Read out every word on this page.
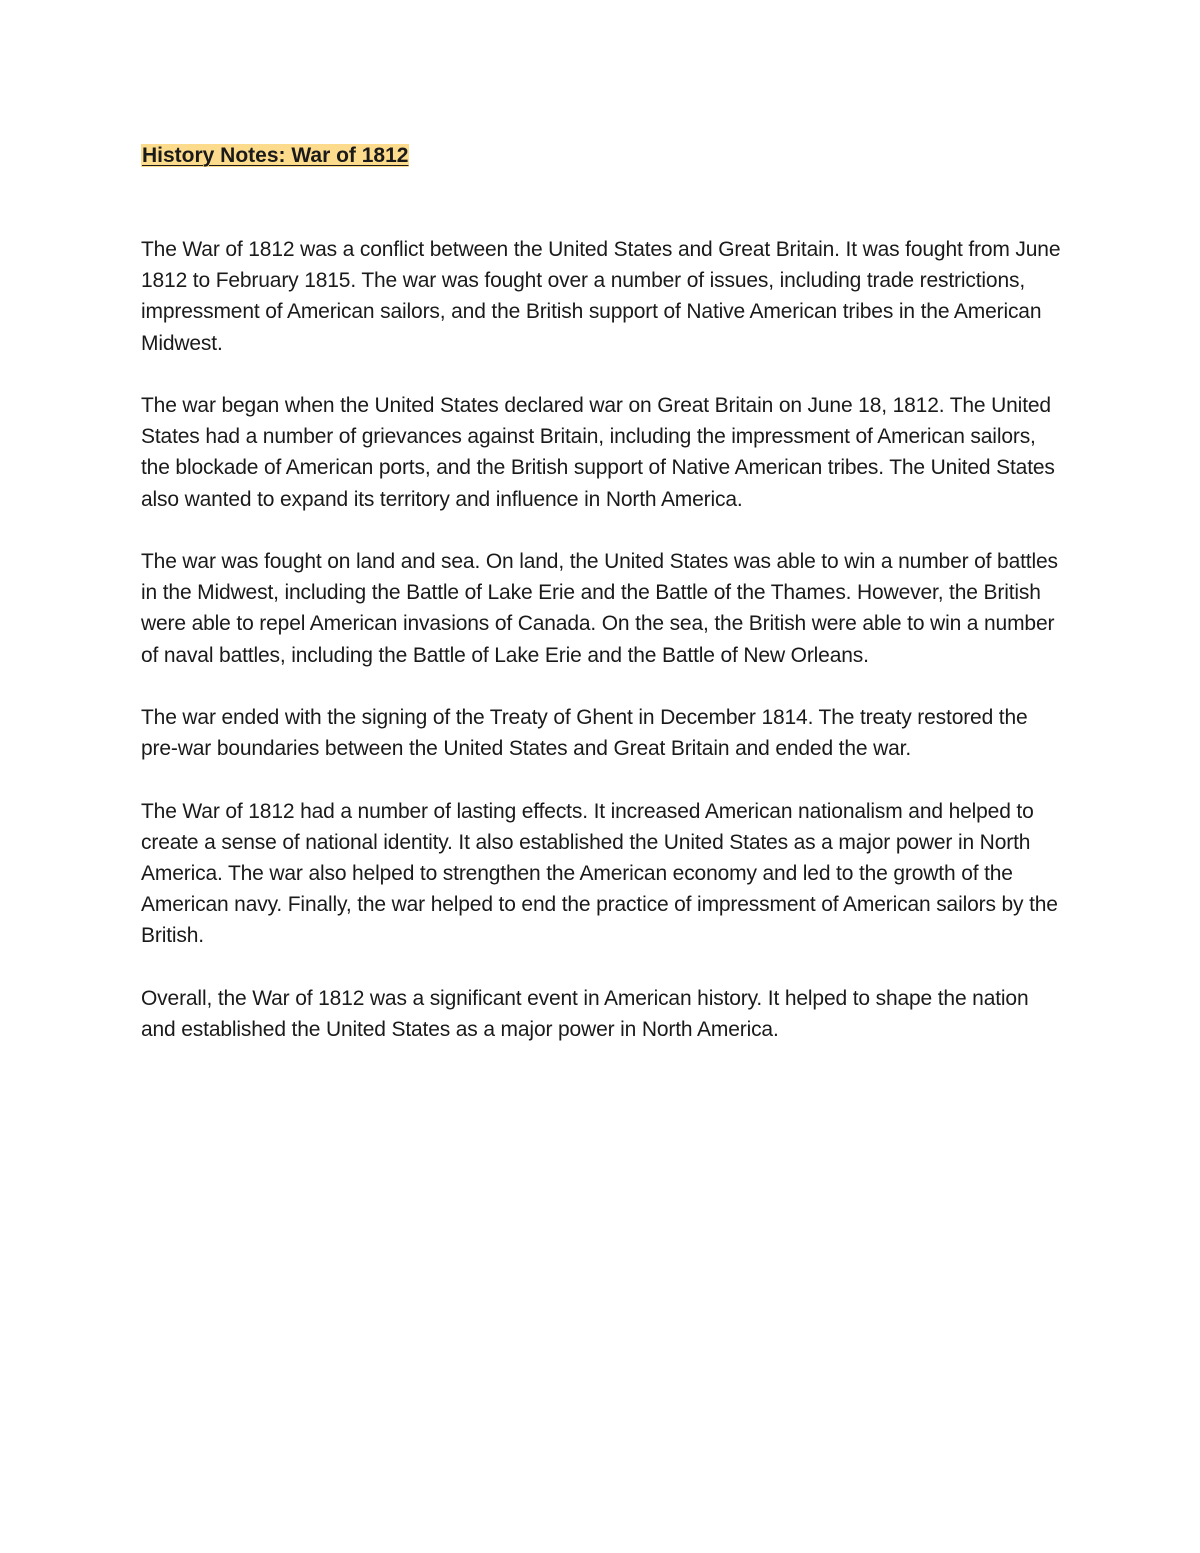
History Notes: War of 1812

The War of 1812 was a conflict between the United States and Great Britain. It was fought from June 1812 to February 1815. The war was fought over a number of issues, including trade restrictions, impressment of American sailors, and the British support of Native American tribes in the American Midwest.

The war began when the United States declared war on Great Britain on June 18, 1812. The United States had a number of grievances against Britain, including the impressment of American sailors, the blockade of American ports, and the British support of Native American tribes. The United States also wanted to expand its territory and influence in North America.

The war was fought on land and sea. On land, the United States was able to win a number of battles in the Midwest, including the Battle of Lake Erie and the Battle of the Thames. However, the British were able to repel American invasions of Canada. On the sea, the British were able to win a number of naval battles, including the Battle of Lake Erie and the Battle of New Orleans.

The war ended with the signing of the Treaty of Ghent in December 1814. The treaty restored the pre-war boundaries between the United States and Great Britain and ended the war.

The War of 1812 had a number of lasting effects. It increased American nationalism and helped to create a sense of national identity. It also established the United States as a major power in North America. The war also helped to strengthen the American economy and led to the growth of the American navy. Finally, the war helped to end the practice of impressment of American sailors by the British.

Overall, the War of 1812 was a significant event in American history. It helped to shape the nation and established the United States as a major power in North America.
